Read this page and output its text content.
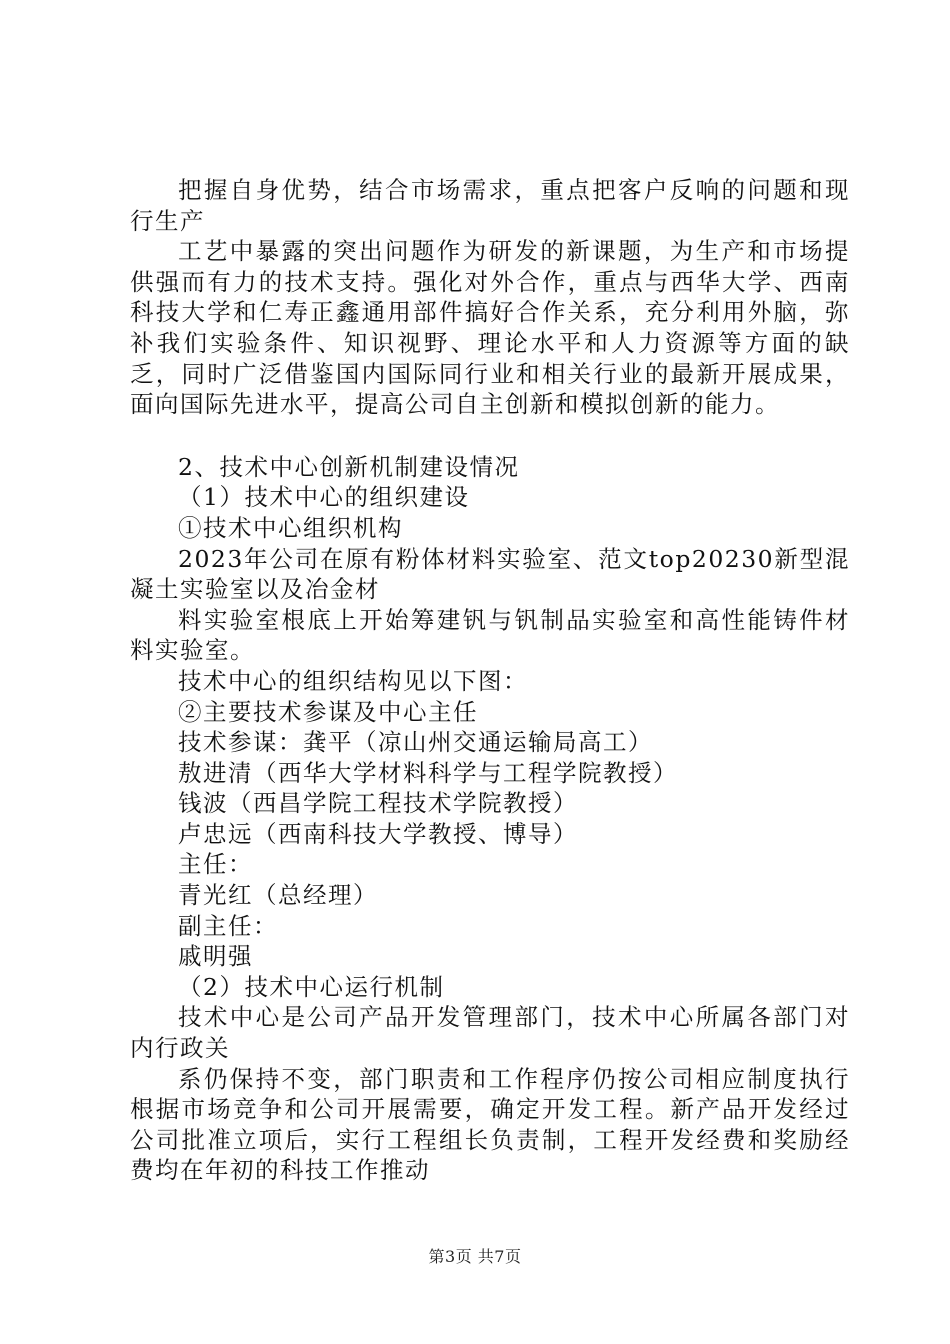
把握自身优势，结合市场需求，重点把客户反响的问题和现行生产

工艺中暴露的突出问题作为研发的新课题，为生产和市场提供强而有力的技术支持。强化对外合作，重点与西华大学、西南科技大学和仁寿正鑫通用部件搞好合作关系，充分利用外脑，弥补我们实验条件、知识视野、理论水平和人力资源等方面的缺乏，同时广泛借鉴国内国际同行业和相关行业的最新开展成果，面向国际先进水平，提高公司自主创新和模拟创新的能力。

2、技术中心创新机制建设情况

（1）技术中心的组织建设

①技术中心组织机构

2023年公司在原有粉体材料实验室、范文top20230新型混凝土实验室以及冶金材

料实验室根底上开始筹建钒与钒制品实验室和高性能铸件材料实验室。

技术中心的组织结构见以下图：

②主要技术参谋及中心主任

技术参谋：龚平（凉山州交通运输局高工）

敖进清（西华大学材料科学与工程学院教授）

钱波（西昌学院工程技术学院教授）

卢忠远（西南科技大学教授、博导）

主任：

青光红（总经理）

副主任：

戚明强

（2）技术中心运行机制

技术中心是公司产品开发管理部门，技术中心所属各部门对内行政关

系仍保持不变，部门职责和工作程序仍按公司相应制度执行根据市场竞争和公司开展需要，确定开发工程。新产品开发经过公司批准立项后，实行工程组长负责制，工程开发经费和奖励经费均在年初的科技工作推动

第3页 共7页
